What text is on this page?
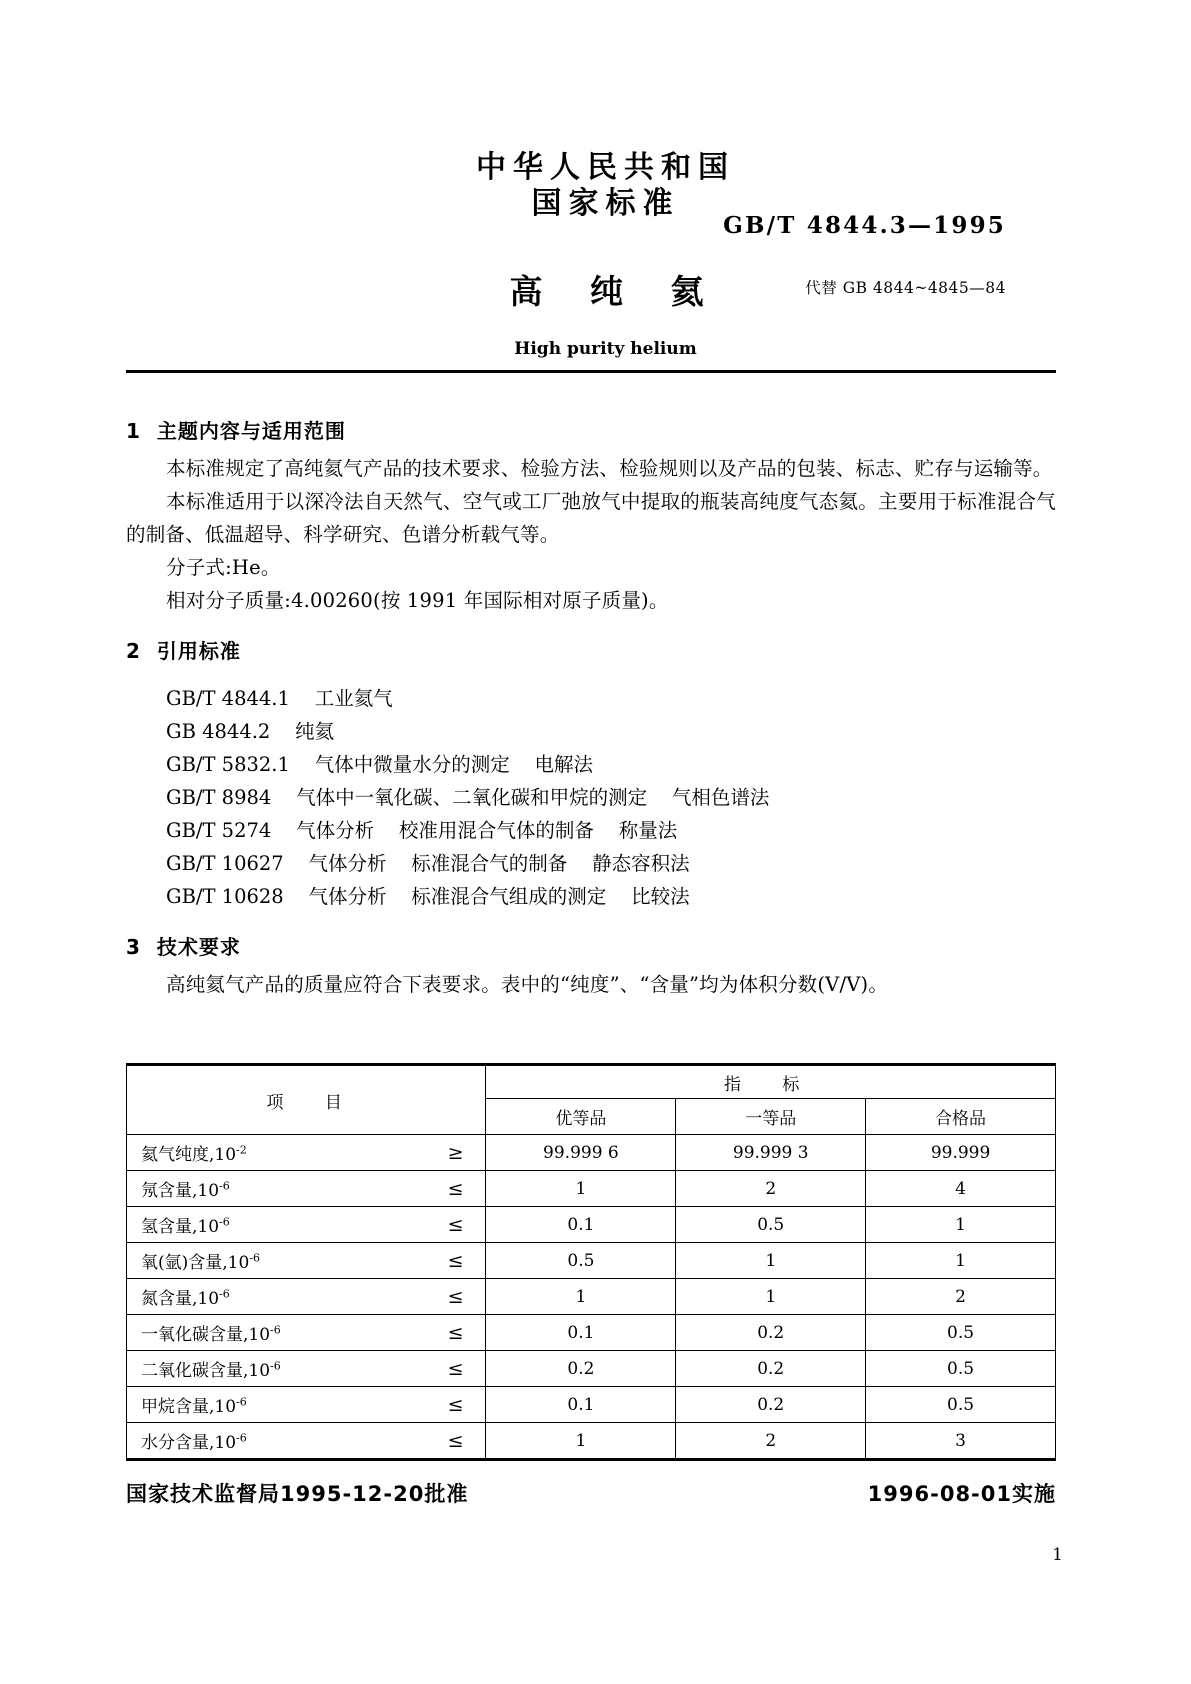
中华人民共和国国家标准
高 纯 氦
High purity helium
GB/T 4844.3—1995
代替 GB 4844~4845—84
1 主题内容与适用范围

本标准规定了高纯氦气产品的技术要求、检验方法、检验规则以及产品的包装、标志、贮存与运输等。

本标准适用于以深冷法自天然气、空气或工厂弛放气中提取的瓶装高纯度气态氦。主要用于标准混合气的制备、低温超导、科学研究、色谱分析载气等。

分子式:He。

相对分子质量:4.00260(按 1991 年国际相对原子质量)。

2 引用标准
GB/T 4844.1    工业氦气
GB 4844.2    纯氦
GB/T 5832.1    气体中微量水分的测定    电解法
GB/T 8984    气体中一氧化碳、二氧化碳和甲烷的测定    气相色谱法
GB/T 5274    气体分析    校准用混合气体的制备    称量法
GB/T 10627    气体分析    标准混合气的制备    静态容积法
GB/T 10628    气体分析    标准混合气组成的测定    比较法
3 技术要求

高纯氦气产品的质量应符合下表要求。表中的“纯度”、“含量”均为体积分数(V/V)。

项 目	指 标		
	优等品	一等品	合格品

氦气纯度$,10^{-2}$ ≥	99.999 6	99.999 3	99.999

氖含量$,10^{-6}$ ≤	1	2	4

氢含量$,10^{-6}$ ≤	0.1	0.5	1

氧(氩)含量$,10^{-6}$ ≤	0.5	1	1

氮含量$,10^{-6}$ ≤	1	1	2

一氧化碳含量$,10^{-6}$ ≤	0.1	0.2	0.5

二氧化碳含量$,10^{-6}$ ≤	0.2	0.2	0.5

甲烷含量$,10^{-6}$ ≤	0.1	0.2	0.5

水分含量$,10^{-6}$ ≤	1	2	3
国家技术监督局1995-12-20批准	1996-08-01实施
1
